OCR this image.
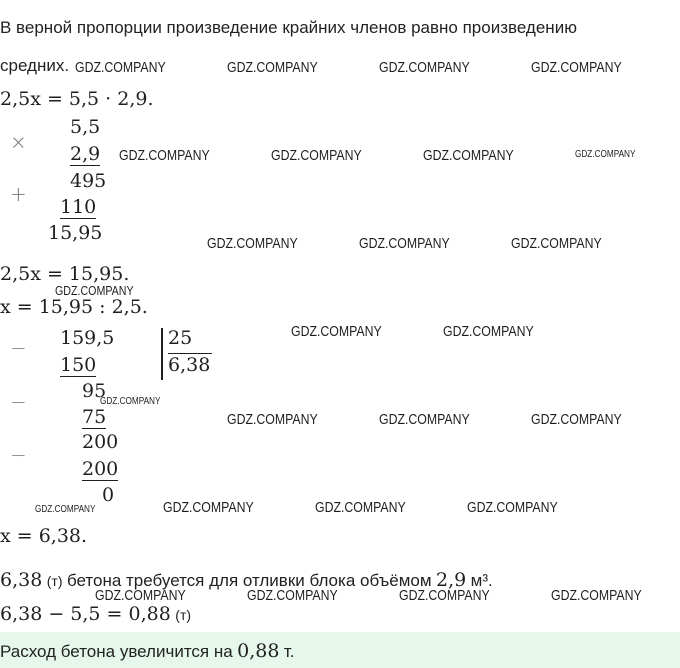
В верной пропорции произведение крайних членов равно произведению
средних.
2,5x = 5,5 · 2,9.
×
5,5
2,9
495
+
110
15,95
2,5x = 15,95.
x = 15,95 : 2,5.
− 159,5	25
6,38
150
95
−
75
200
−
200
0
x = 6,38.
6,38 (т) бетона требуется для отливки блока объёмом 2,9 м³.
6,38 − 5,5 = 0,88 (т)
Расход бетона увеличится на 0,88 т.
GDZ.COMPANY	GDZ.COMPANY	GDZ.COMPANY	GDZ.COMPANY
GDZ.COMPANY	GDZ.COMPANY	GDZ.COMPANY	GDZ.COMPANY
GDZ.COMPANY	GDZ.COMPANY	GDZ.COMPANY
GDZ.COMPANY
GDZ.COMPANY	GDZ.COMPANY
GDZ.COMPANY
GDZ.COMPANY	GDZ.COMPANY	GDZ.COMPANY
GDZ.COMPANY	GDZ.COMPANY	GDZ.COMPANY	GDZ.COMPANY
GDZ.COMPANY	GDZ.COMPANY	GDZ.COMPANY	GDZ.COMPANY
